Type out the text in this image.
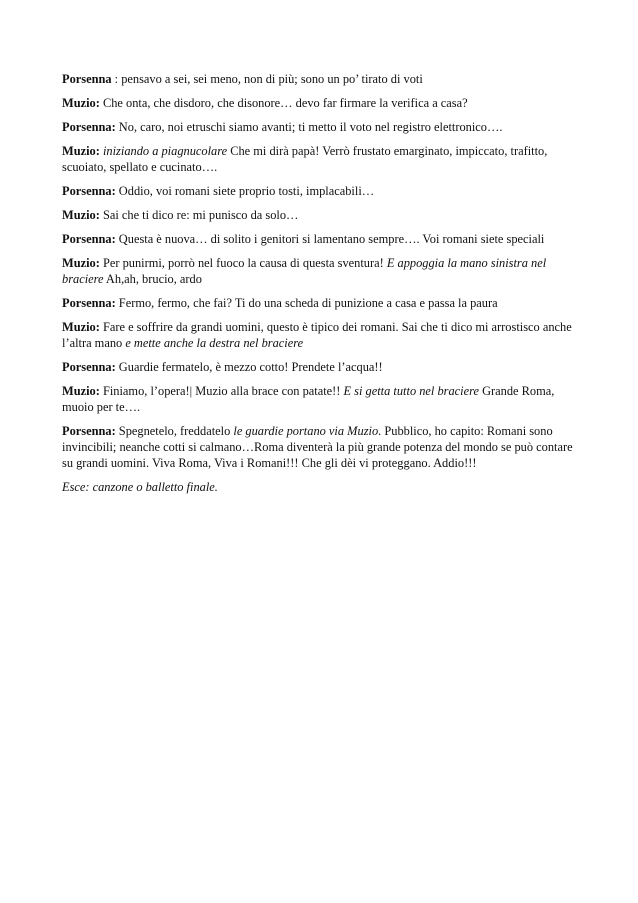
Porsenna : pensavo a sei, sei meno, non di più; sono un po’ tirato di voti

Muzio: Che onta, che disdoro, che disonore… devo far firmare la verifica a casa?

Porsenna: No, caro, noi etruschi siamo avanti; ti metto il voto nel registro elettronico….

Muzio: iniziando a piagnucolare Che mi dirà papà! Verrò frustato emarginato, impiccato, trafitto, scuoiato, spellato e cucinato….

Porsenna: Oddio, voi romani siete proprio tosti, implacabili…

Muzio: Sai che ti dico re: mi punisco da solo…

Porsenna: Questa è nuova… di solito i genitori si lamentano sempre…. Voi romani siete speciali

Muzio: Per punirmi, porrò nel fuoco la causa di questa sventura! E appoggia la mano sinistra nel braciere Ah,ah, brucio, ardo

Porsenna: Fermo, fermo, che fai? Ti do una scheda di punizione a casa e passa la paura

Muzio: Fare e soffrire da grandi uomini, questo è tipico dei romani. Sai che ti dico mi arrostisco anche l’altra mano e mette anche la destra nel braciere

Porsenna: Guardie fermatelo, è mezzo cotto! Prendete l’acqua!!

Muzio: Finiamo, l’opera!| Muzio alla brace con patate!! E si getta tutto nel braciere Grande Roma, muoio per te….

Porsenna: Spegnetelo, freddatelo le guardie portano via Muzio. Pubblico, ho capito: Romani sono invincibili; neanche cotti si calmano…Roma diventerà la più grande potenza del mondo se può contare su grandi uomini. Viva Roma, Viva i Romani!!! Che gli dèi vi proteggano. Addio!!!

Esce: canzone o balletto finale.
